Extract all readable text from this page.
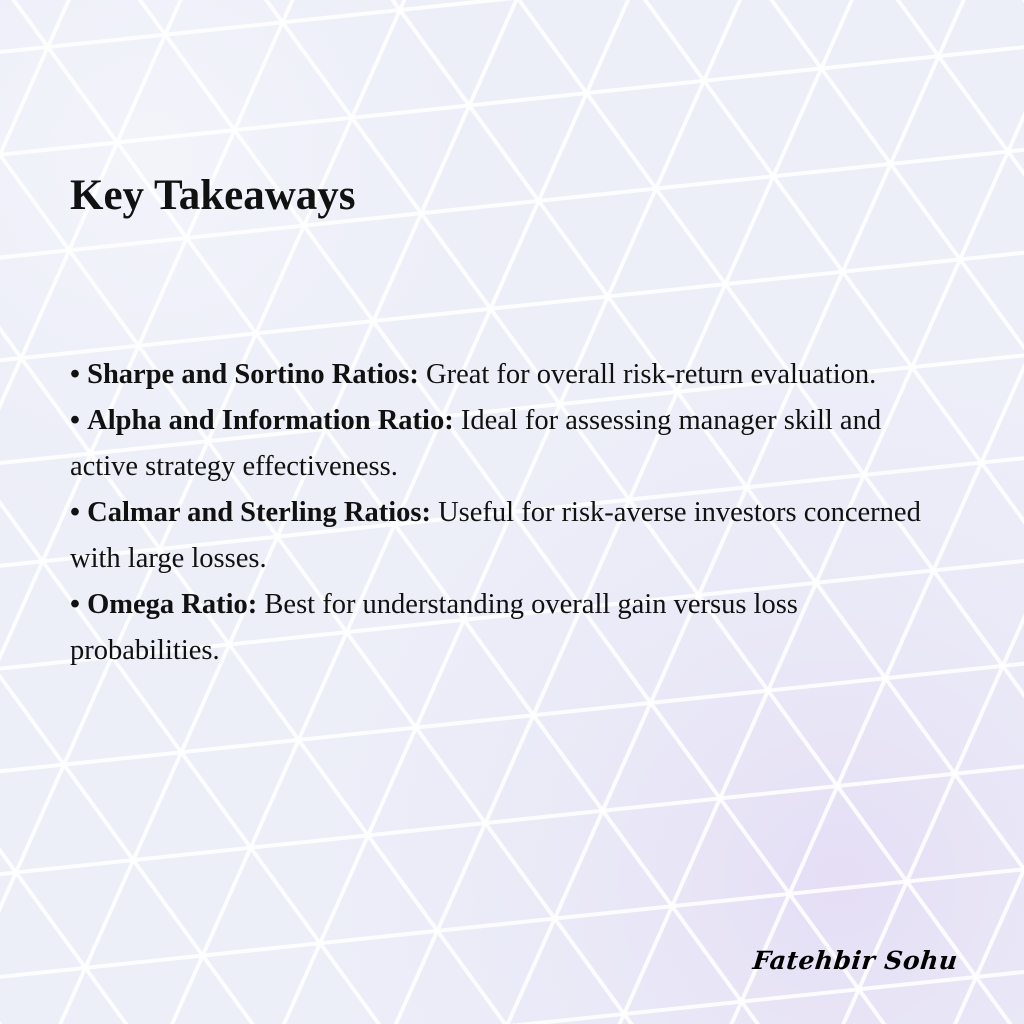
Key Takeaways
• Sharpe and Sortino Ratios: Great for overall risk-return evaluation.
• Alpha and Information Ratio: Ideal for assessing manager skill and active strategy effectiveness.
• Calmar and Sterling Ratios: Useful for risk-averse investors concerned with large losses.
• Omega Ratio: Best for understanding overall gain versus loss probabilities.
Fatehbir Sohu
